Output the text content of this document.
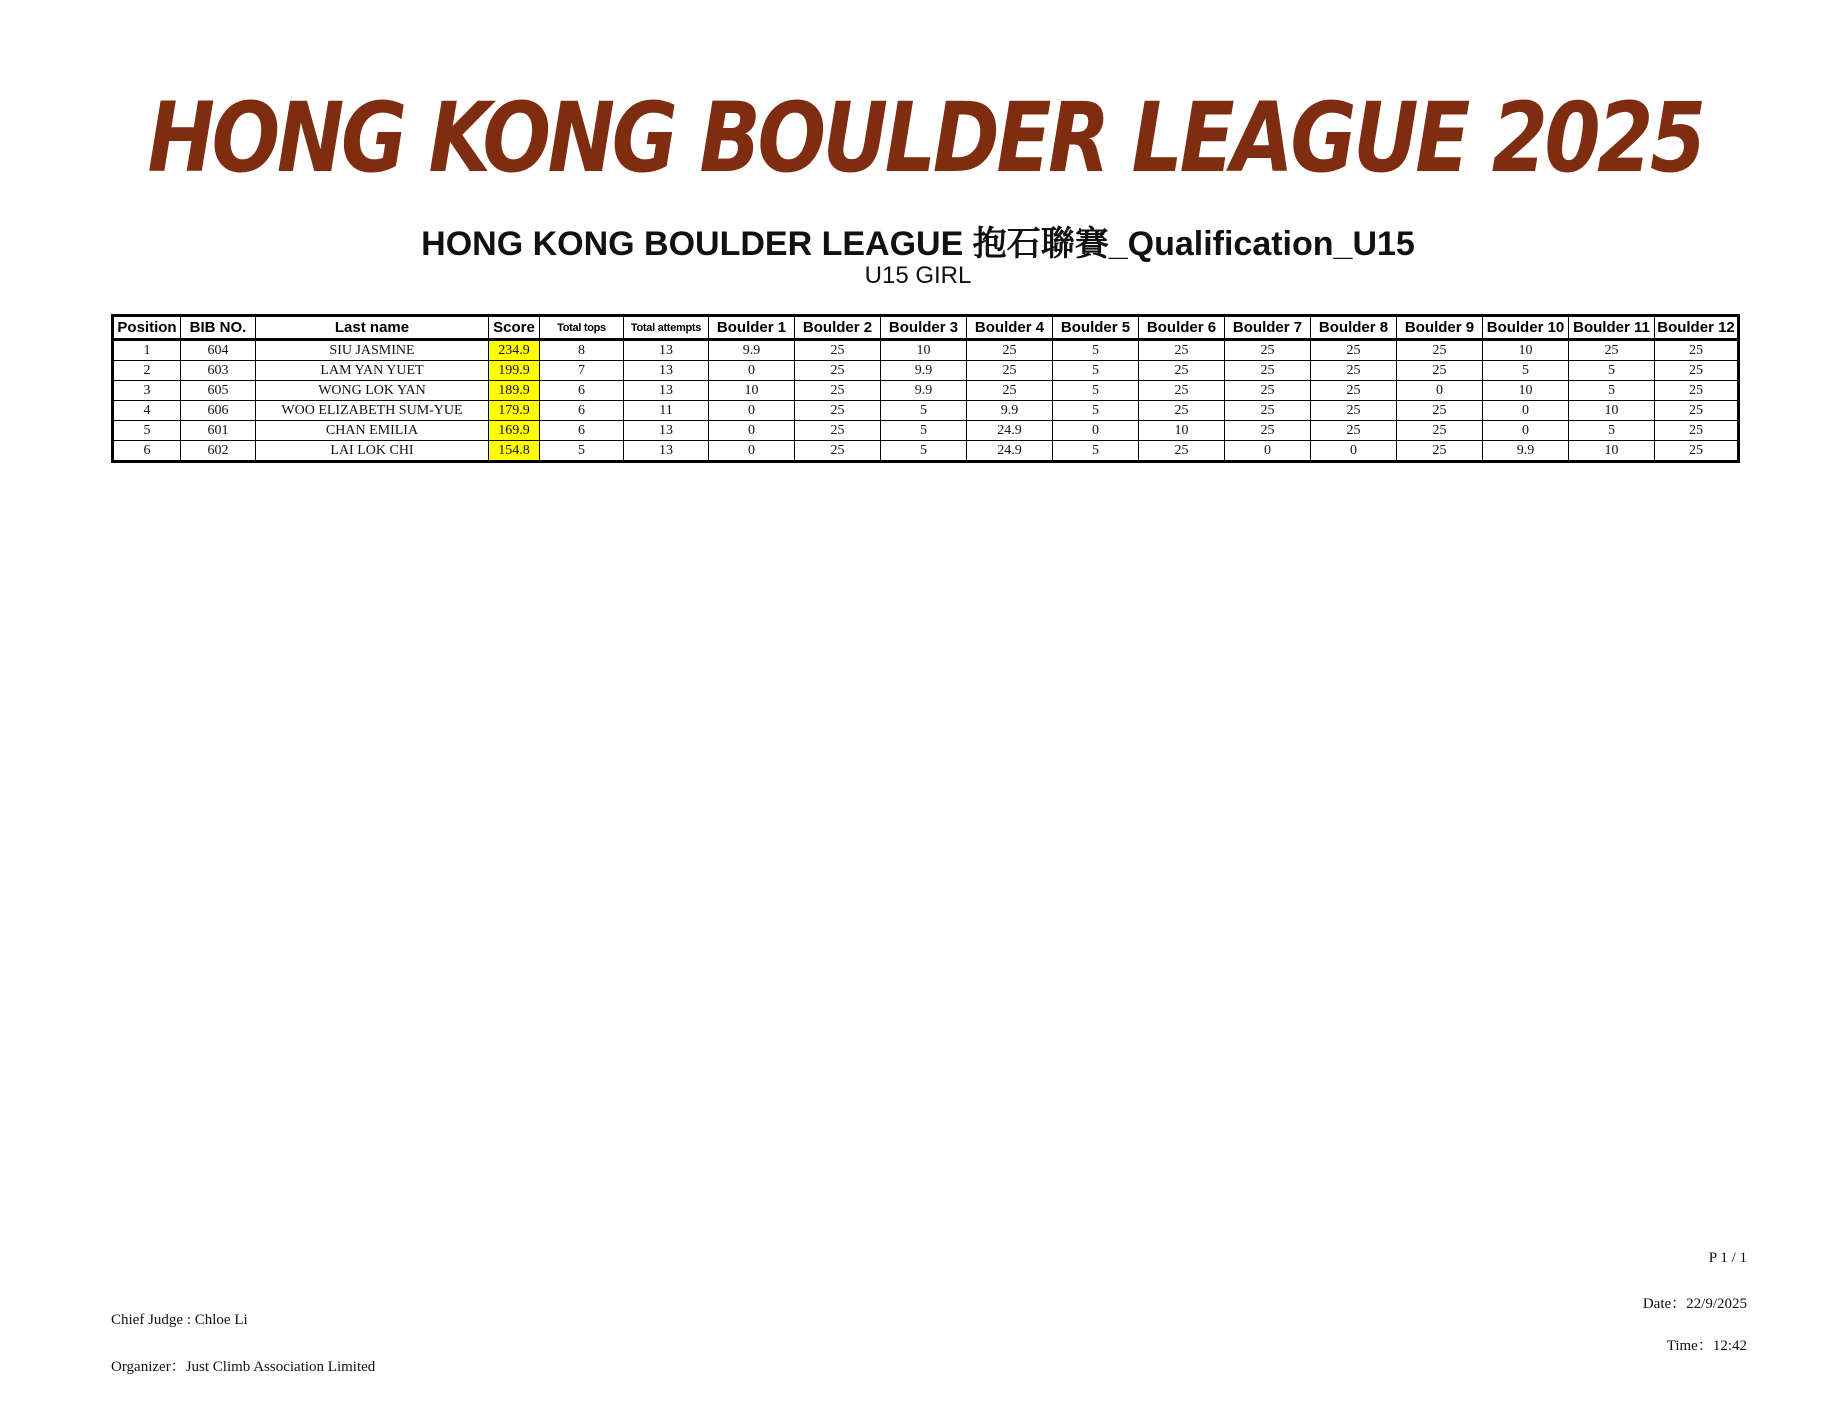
HONG KONG BOULDER LEAGUE 2025
HONG KONG BOULDER LEAGUE 抱石聯賽_Qualification_U15
U15 GIRL
Position	BIB NO.	Last name	Score	Total tops	Total attempts	Boulder 1	Boulder 2	Boulder 3	Boulder 4	Boulder 5	Boulder 6	Boulder 7	Boulder 8	Boulder 9	Boulder 10	Boulder 11	Boulder 12
1	604	SIU JASMINE	234.9	8	13	9.9	25	10	25	5	25	25	25	25	10	25	25
2	603	LAM YAN YUET	199.9	7	13	0	25	9.9	25	5	25	25	25	25	5	5	25
3	605	WONG LOK YAN	189.9	6	13	10	25	9.9	25	5	25	25	25	0	10	5	25
4	606	WOO ELIZABETH SUM-YUE	179.9	6	11	0	25	5	9.9	5	25	25	25	25	0	10	25
5	601	CHAN EMILIA	169.9	6	13	0	25	5	24.9	0	10	25	25	25	0	5	25
6	602	LAI LOK CHI	154.8	5	13	0	25	5	24.9	5	25	0	0	25	9.9	10	25
P 1 / 1
Date：22/9/2025
Chief Judge : Chloe Li
Time：12:42
Organizer：Just Climb Association Limited
